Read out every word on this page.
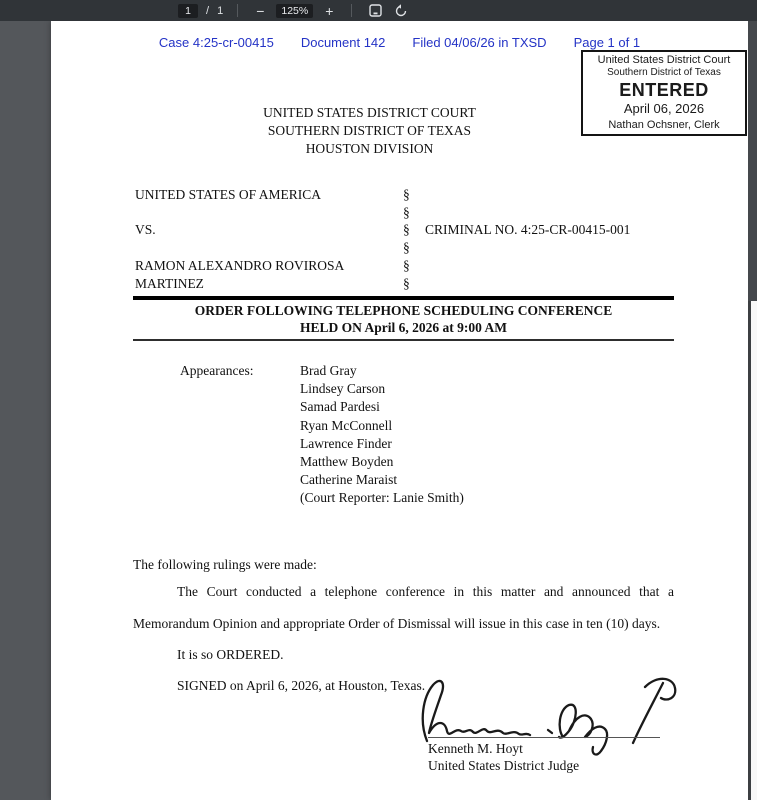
1	/ 1 −	125%	+
Case 4:25-cr-00415 Document 142 Filed 04/06/26 in TXSD Page 1 of 1
United States District Court
Southern District of Texas
ENTERED
April 06, 2026
Nathan Ochsner, Clerk
UNITED STATES DISTRICT COURT
SOUTHERN DISTRICT OF TEXAS
HOUSTON DIVISION
UNITED STATES OF AMERICA	§
§
VS.	§	CRIMINAL NO. 4:25-CR-00415-001
§
RAMON ALEXANDRO ROVIROSA	§
MARTINEZ	§
ORDER FOLLOWING TELEPHONE SCHEDULING CONFERENCE
HELD ON April 6, 2026 at 9:00 AM
Appearances:	Brad Gray
Lindsey Carson
Samad Pardesi
Ryan McConnell
Lawrence Finder
Matthew Boyden
Catherine Maraist
(Court Reporter: Lanie Smith)
The following rulings were made:
The Court conducted a telephone conference in this matter and announced that a Memorandum Opinion and appropriate Order of Dismissal will issue in this case in ten (10) days.
It is so ORDERED.
SIGNED on April 6, 2026, at Houston, Texas.
Kenneth M. Hoyt
United States District Judge
